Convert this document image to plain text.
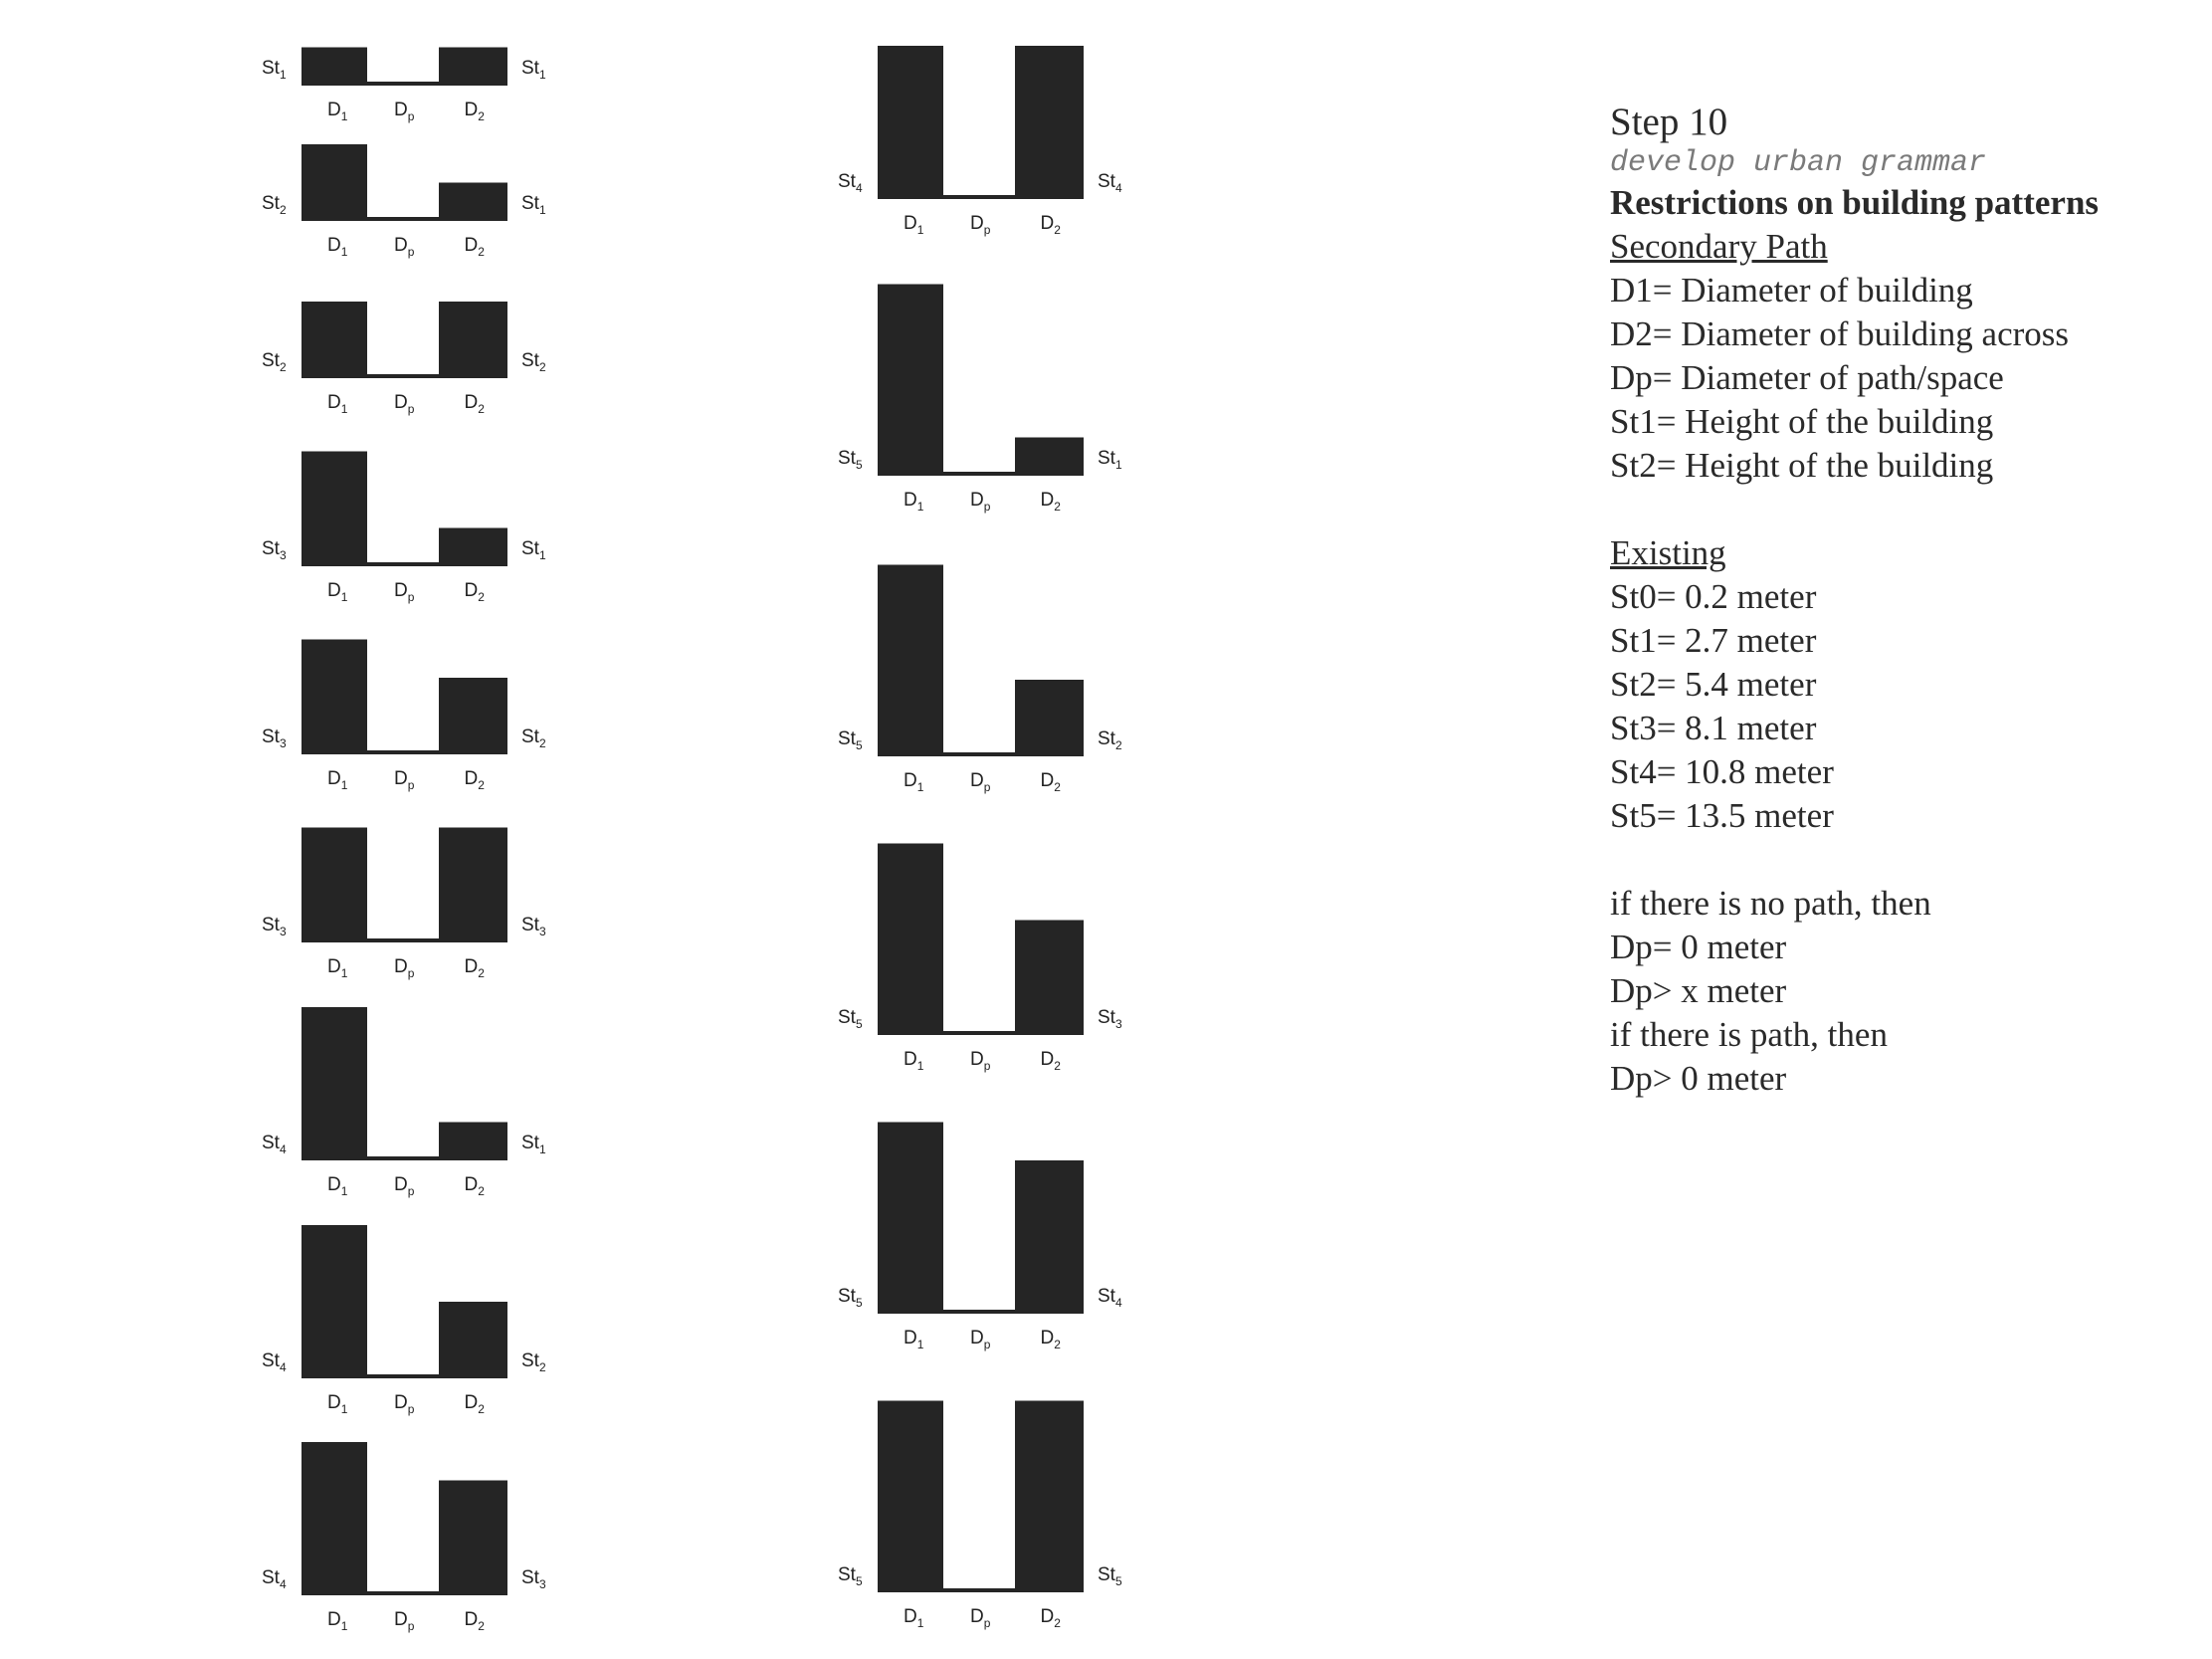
$St_1$	$St_1$
$D_1$ $D_p$	$D_2$
$St_2$	$St_1$
$D_1$ $D_p$	$D_2$
$St_2$	$St_2$
$D_1$ $D_p$	$D_2$
$St_3$	$St_1$
$D_1$ $D_p$	$D_2$
$St_3$	$St_2$
$D_1$ $D_p$	$D_2$
$St_3$	$St_3$
$D_1$ $D_p$	$D_2$
$St_4$	$St_1$
$D_1$ $D_p$	$D_2$
$St_4$	$St_2$
$D_1$ $D_p$	$D_2$
$St_4$	$St_3$
$D_1$ $D_p$	$D_2$
$St_4$	$St_4$
$D_1$ $D_p$	$D_2$
$St_5$	$St_1$
$D_1$ $D_p$	$D_2$
$St_5$	$St_2$
$D_1$ $D_p$	$D_2$
$St_5$	$St_3$
$D_1$ $D_p$	$D_2$
$St_5$	$St_4$
$D_1$ $D_p$	$D_2$
$St_5$	$St_5$
$D_1$ $D_p$	$D_2$

Step 10

develop urban grammar

Restrictions on building patterns

Secondary Path

D1= Diameter of building

D2= Diameter of building across

Dp= Diameter of path/space

St1= Height of the building

St2= Height of the building

Existing

St0= 0.2 meter

St1= 2.7 meter

St2= 5.4 meter

St3= 8.1 meter

St4= 10.8 meter

St5= 13.5 meter

if there is no path, then

Dp= 0 meter

Dp> x meter

if there is path, then

Dp> 0 meter
